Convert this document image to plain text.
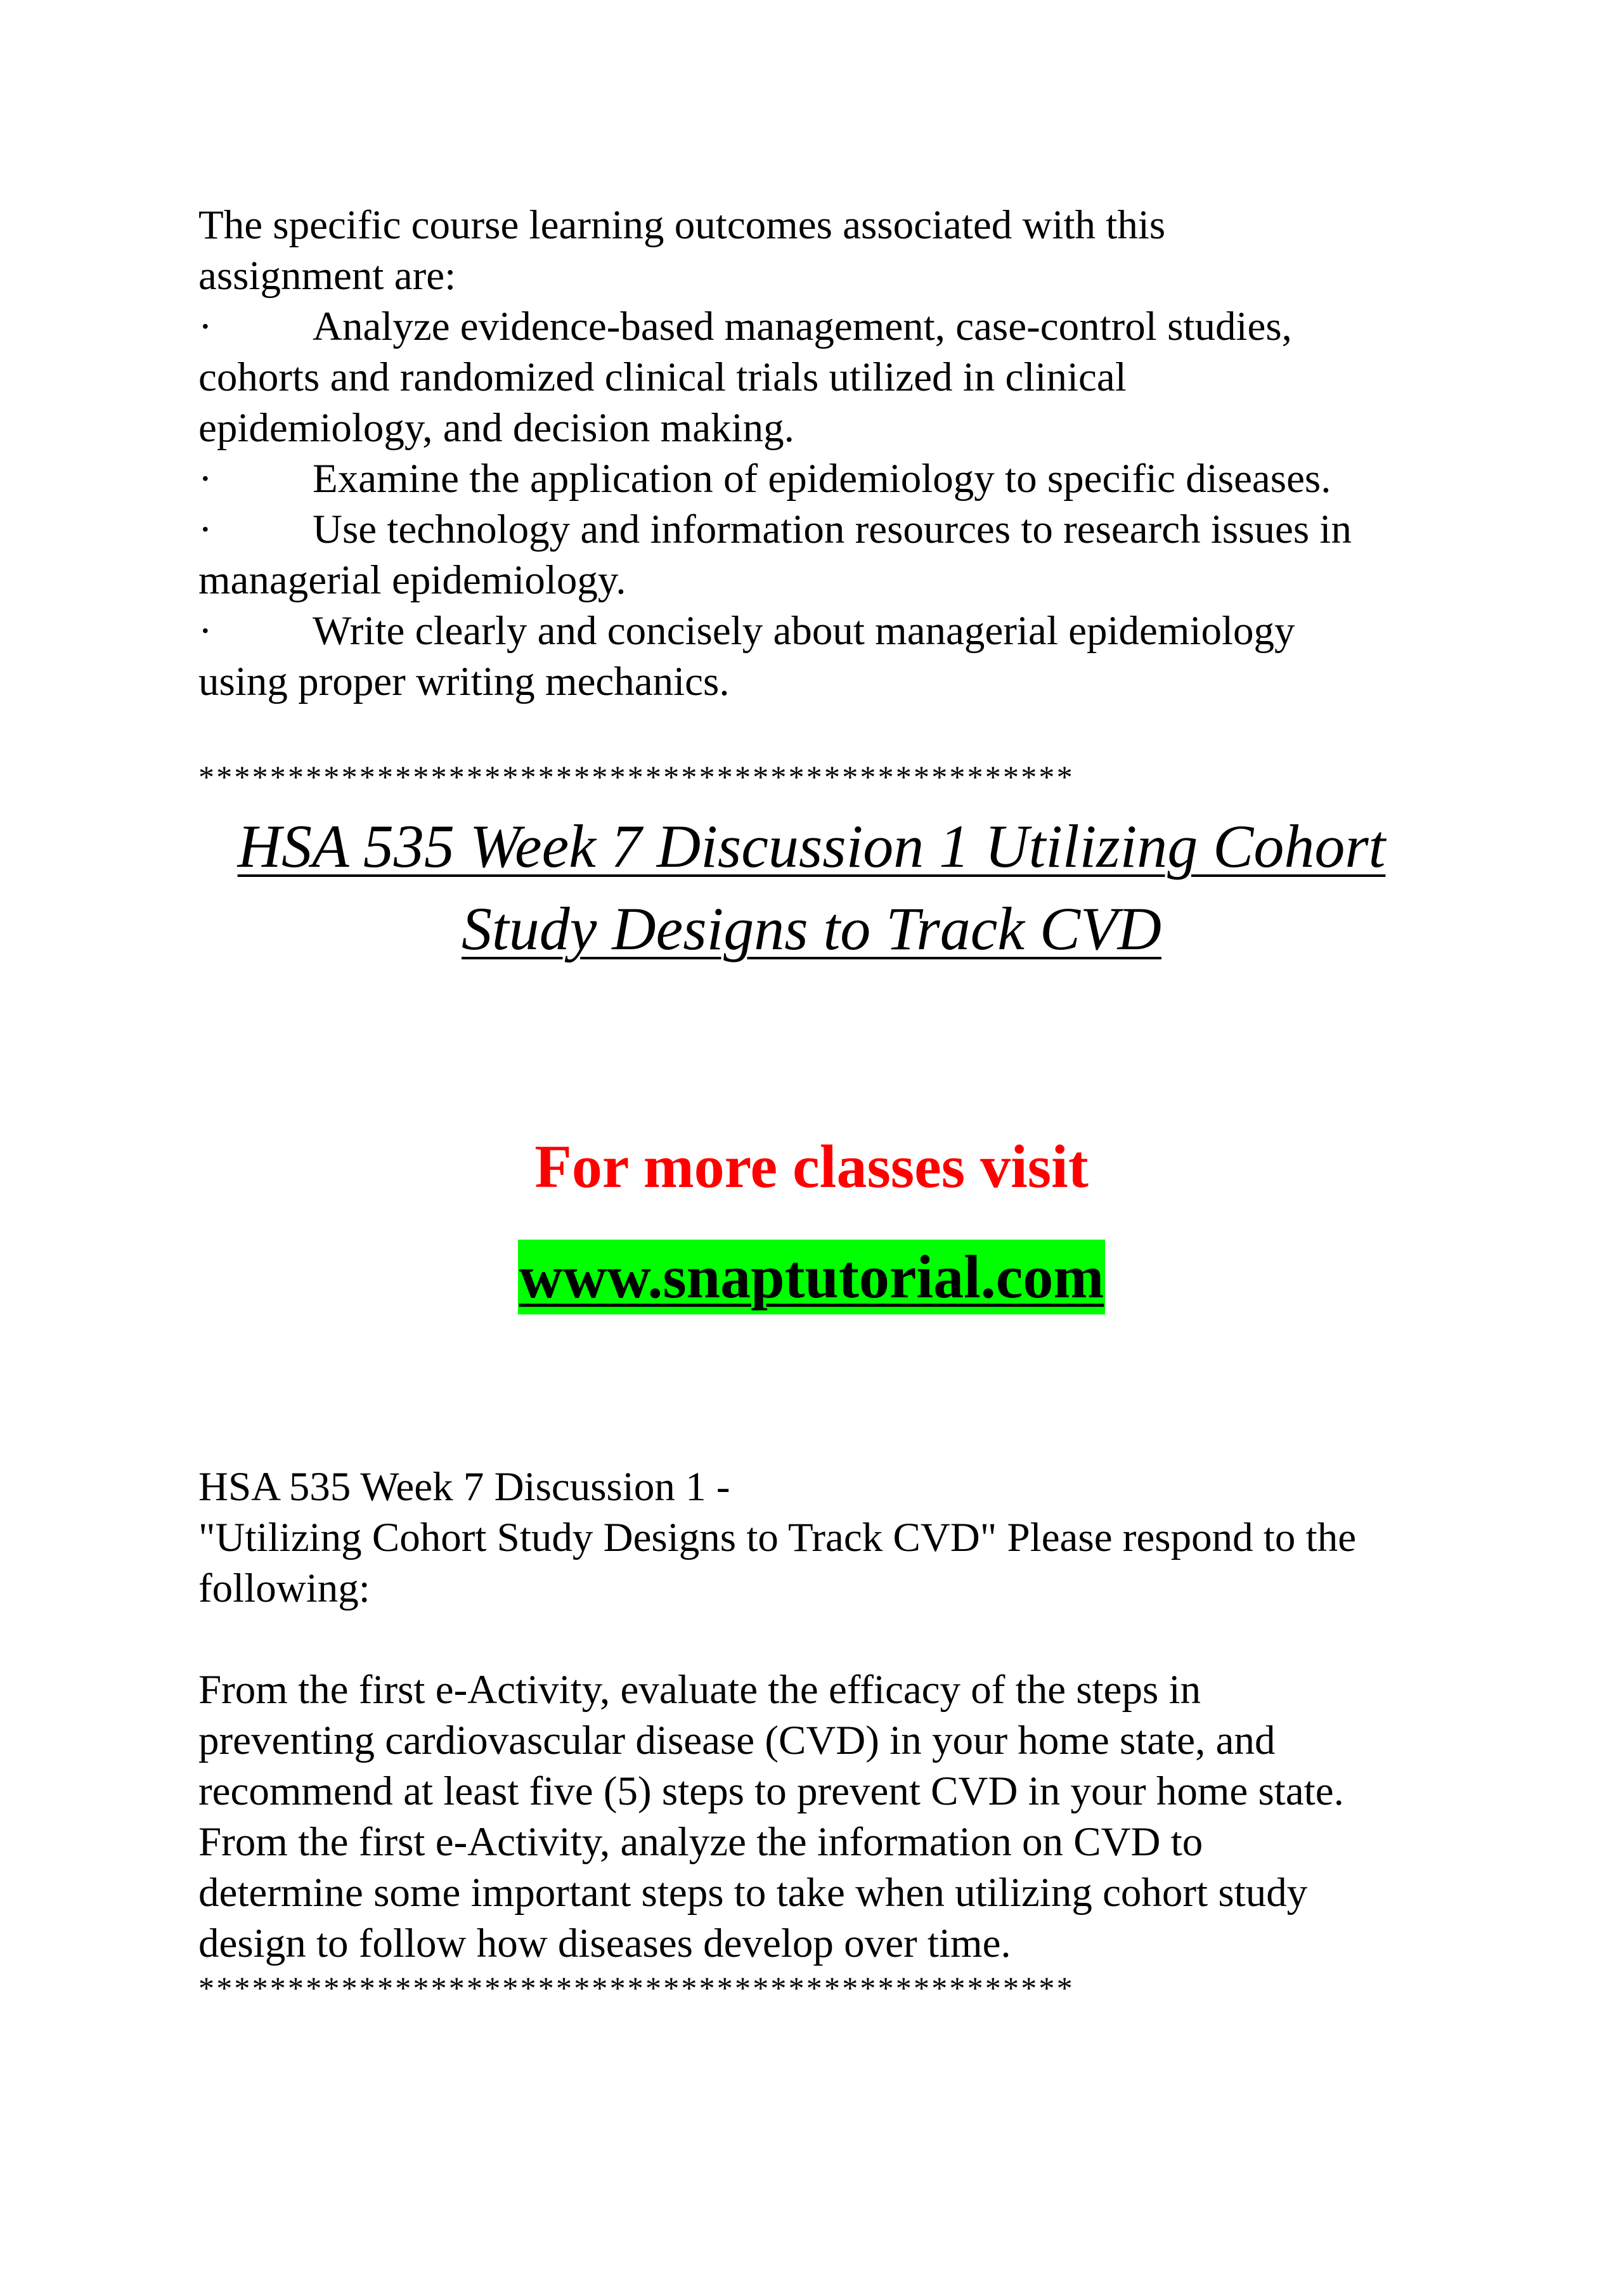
The specific course learning outcomes associated with this

assignment are:

· Analyze evidence-based management, case-control studies,

cohorts and randomized clinical trials utilized in clinical

epidemiology, and decision making.

· Examine the application of epidemiology to specific diseases.
· Use technology and information resources to research issues in

managerial epidemiology.

· Write clearly and concisely about managerial epidemiology

using proper writing mechanics.

*************************************************
HSA 535 Week 7 Discussion 1 Utilizing Cohort
Study Designs to Track CVD
For more classes visit
www.snaptutorial.com

HSA 535 Week 7 Discussion 1 -

"Utilizing Cohort Study Designs to Track CVD" Please respond to the

following:

From the first e-Activity, evaluate the efficacy of the steps in

preventing cardiovascular disease (CVD) in your home state, and

recommend at least five (5) steps to prevent CVD in your home state.

From the first e-Activity, analyze the information on CVD to

determine some important steps to take when utilizing cohort study

design to follow how diseases develop over time.

*************************************************
